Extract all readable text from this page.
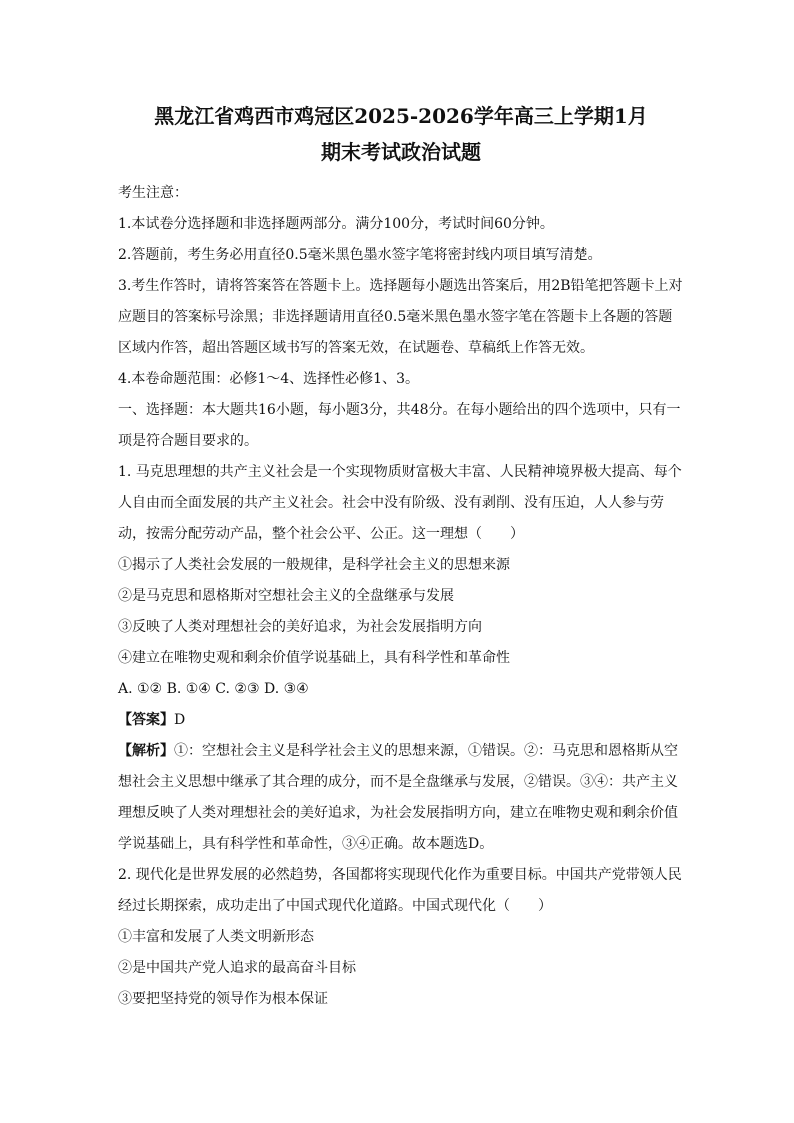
黑龙江省鸡西市鸡冠区2025-2026学年高三上学期1月
期末考试政治试题

考生注意：

1.本试卷分选择题和非选择题两部分。满分100分，考试时间60分钟。

2.答题前，考生务必用直径0.5毫米黑色墨水签字笔将密封线内项目填写清楚。

3.考生作答时，请将答案答在答题卡上。选择题每小题选出答案后，用2B铅笔把答题卡上对应题目的答案标号涂黑；非选择题请用直径0.5毫米黑色墨水签字笔在答题卡上各题的答题区域内作答，超出答题区域书写的答案无效，在试题卷、草稿纸上作答无效。

4.本卷命题范围：必修1～4、选择性必修1、3。

一、选择题：本大题共16小题，每小题3分，共48分。在每小题给出的四个选项中，只有一项是符合题目要求的。

1. 马克思理想的共产主义社会是一个实现物质财富极大丰富、人民精神境界极大提高、每个人自由而全面发展的共产主义社会。社会中没有阶级、没有剥削、没有压迫，人人参与劳动，按需分配劳动产品，整个社会公平、公正。这一理想（　　）

①揭示了人类社会发展的一般规律，是科学社会主义的思想来源

②是马克思和恩格斯对空想社会主义的全盘继承与发展

③反映了人类对理想社会的美好追求，为社会发展指明方向

④建立在唯物史观和剩余价值学说基础上，具有科学性和革命性

A. ①② B. ①④ C. ②③ D. ③④

【答案】D

【解析】①：空想社会主义是科学社会主义的思想来源，①错误。②：马克思和恩格斯从空想社会主义思想中继承了其合理的成分，而不是全盘继承与发展，②错误。③④：共产主义理想反映了人类对理想社会的美好追求，为社会发展指明方向，建立在唯物史观和剩余价值学说基础上，具有科学性和革命性，③④正确。故本题选D。

2. 现代化是世界发展的必然趋势，各国都将实现现代化作为重要目标。中国共产党带领人民经过长期探索，成功走出了中国式现代化道路。中国式现代化（　　）

①丰富和发展了人类文明新形态

②是中国共产党人追求的最高奋斗目标

③要把坚持党的领导作为根本保证
